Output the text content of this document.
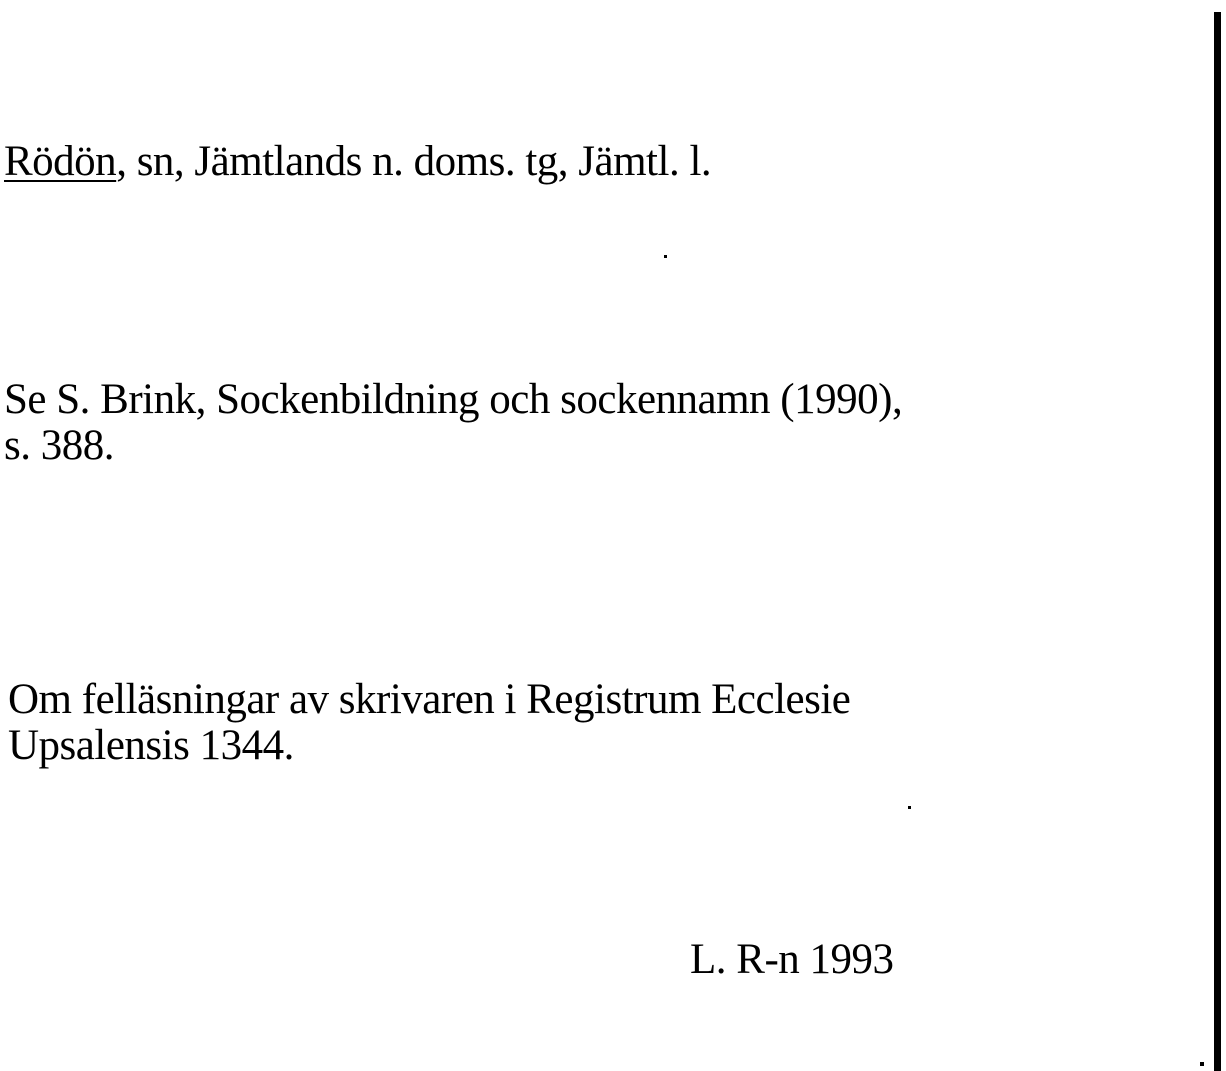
Rödön, sn, Jämtlands n. doms. tg, Jämtl. l.
Se S. Brink, Sockenbildning och sockennamn (1990),
s. 388.
Om felläsningar av skrivaren i Registrum Ecclesie
Upsalensis 1344.
L. R-n 1993
